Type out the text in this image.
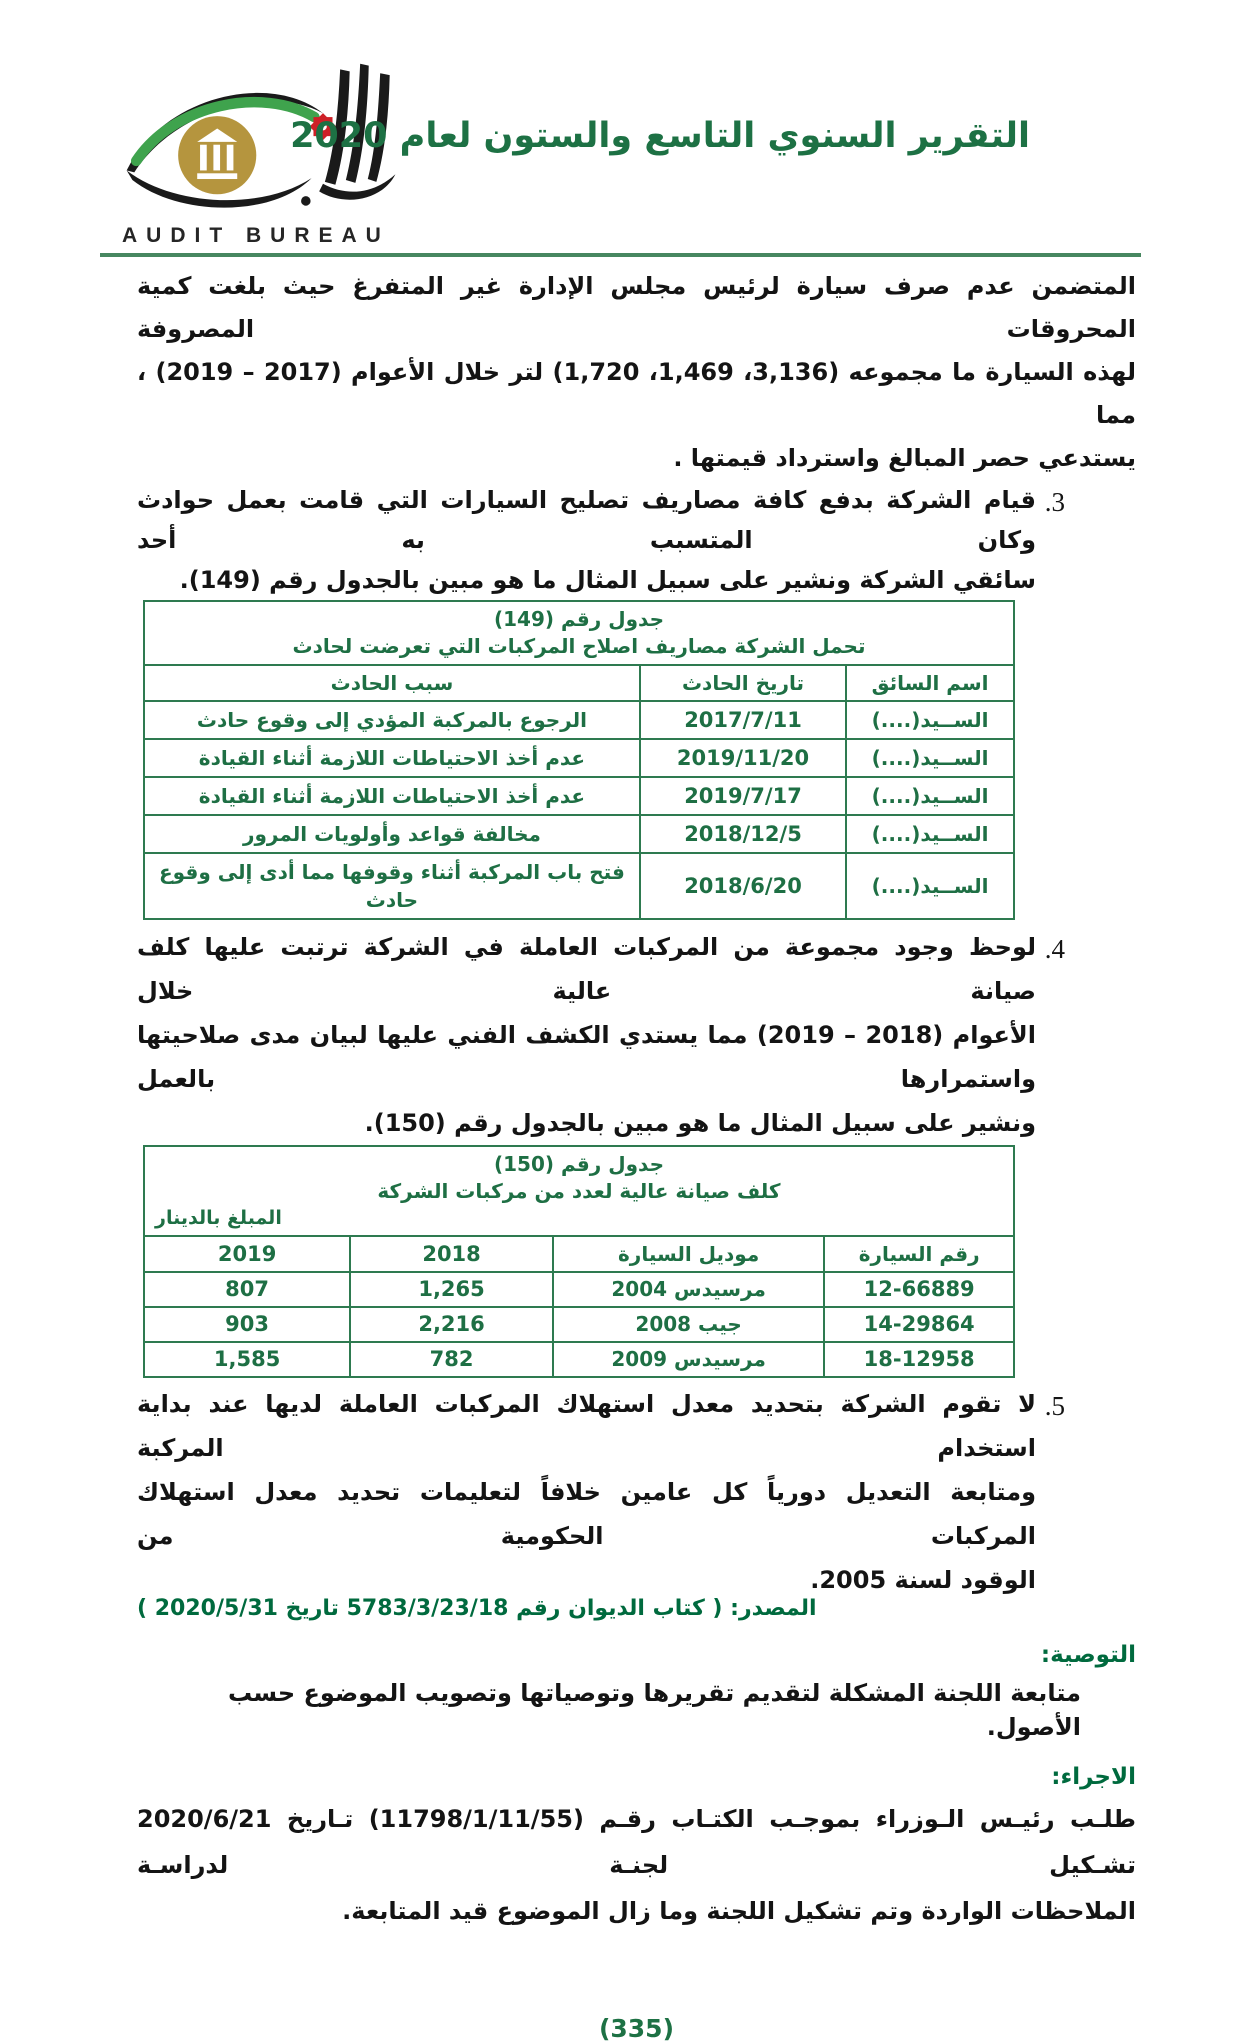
AUDIT BUREAU
التقرير السنوي التاسع والستون لعام 2020
المتضمن عدم صرف سيارة لرئيس مجلس الإدارة غير المتفرغ حيث بلغت كمية المحروقات المصروفة
لهذه السيارة ما مجموعه (3,136، 1,469، 1,720) لتر خلال الأعوام (2017 – 2019) ، مما
يستدعي حصر المبالغ واسترداد قيمتها .
3.
قيام الشركة بدفع كافة مصاريف تصليح السيارات التي قامت بعمل حوادث وكان المتسبب به أحد
سائقي الشركة ونشير على سبيل المثال ما هو مبين بالجدول رقم (149).
جدول رقم (149)
تحمل الشركة مصاريف اصلاح المركبات التي تعرضت لحادث		

اسم السائق	تاريخ الحادث	سبب الحادث
الســيد(....)	2017/7/11	الرجوع بالمركبة المؤدي إلى وقوع حادث
الســيد(....)	2019/11/20	عدم أخذ الاحتياطات اللازمة أثناء القيادة
الســيد(....)	2019/7/17	عدم أخذ الاحتياطات اللازمة أثناء القيادة
الســيد(....)	2018/12/5	مخالفة قواعد وأولويات المرور
الســيد(....)	2018/6/20	فتح باب المركبة أثناء وقوفها مما أدى إلى وقوع حادث
4.
لوحظ وجود مجموعة من المركبات العاملة في الشركة ترتبت عليها كلف صيانة عالية خلال
الأعوام (2018 – 2019) مما يستدي الكشف الفني عليها لبيان مدى صلاحيتها واستمرارها بالعمل
ونشير على سبيل المثال ما هو مبين بالجدول رقم (150).
جدول رقم (150)
كلف صيانة عالية لعدد من مركبات الشركة
المبلغ بالدينار			

رقم السيارة	موديل السيارة	2018	2019
12-66889	مرسيدس 2004	1,265	807
14-29864	جيب 2008	2,216	903
18-12958	مرسيدس 2009	782	1,585
5.
لا تقوم الشركة بتحديد معدل استهلاك المركبات العاملة لديها عند بداية استخدام المركبة
ومتابعة التعديل دورياً كل عامين خلافاً لتعليمات تحديد معدل استهلاك المركبات الحكومية من
الوقود لسنة 2005.
المصدر: ( كتاب الديوان رقم 5783/3/23/18 تاريخ 2020/5/31 )
التوصية:
متابعة اللجنة المشكلة لتقديم تقريرها وتوصياتها وتصويب الموضوع حسب الأصول.
الاجراء:
طلـب رئيـس الـوزراء بموجـب الكتـاب رقـم (11798/1/11/55) تـاريخ 2020/6/21 تشـكيل لجنـة لدراسـة
الملاحظات الواردة وتم تشكيل اللجنة وما زال الموضوع قيد المتابعة.
(335)
